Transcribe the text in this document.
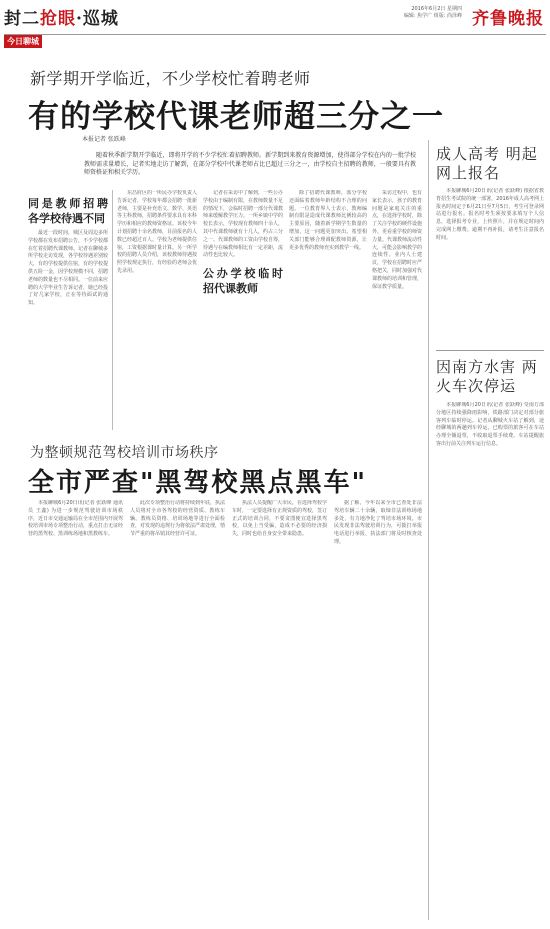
封二抢眼·巡城
今日聊城
2016年6月2日 星期四
编辑: 焦学广 组版: 尚泽峰 齐鲁晚报
新学期开学临近，不少学校忙着聘老师
有的学校代课老师超三分之一
本报记者 张跃峰
随着秋季新学期开学临近，即将开学的不少学校忙着招聘教师。新学期到来教育资源增加，使得部分学校在内的一批学校教师需求量增长，记者实地走访了解到，在部分学校中代课老师占比已超过三分之一，由学校自主招聘的教师，一般要具有教师资格证和相关学历。
同是教师招聘 各学校待遇不同

最近一段时间，城区及周边多所学校都在发布招聘公告，不少学校都在忙着招聘代课教师。记者在聊城多所学校走访发现，各学校待遇差别较大，有的学校提供住宿，有的学校提供五险一金，因学校规模不同，招聘老师的数量也不尽相同。一位前来应聘的大学毕业生告诉记者，她已经投了好几家学校，正在等待面试的通知。

东昌府区的一所民办学校负责人告诉记者，学校每年都会招聘一批新老师，主要是补充语文、数学、英语等主科教师，招聘条件要求具有本科学历和相应的教师资格证。该校今年计划招聘十余名教师，目前报名的人数已经超过百人。学校为老师提供住宿，工资根据课时量计算。另一所学校的招聘人员介绍，该校教师待遇按照学校规定执行，有经验的老师会优先录用。

记者在采访中了解到，一些公办学校由于编制有限，在教师数量不足的情况下，会临时招聘一部分代课教师来缓解教学压力。一所乡镇中学的校长表示，学校现有教师四十余人，其中代课教师就有十几人，约占三分之一。代课教师的工资由学校自筹，待遇与在编教师相比有一定差距，流动性也比较大。

公办学校临时 招代课教师

除了招聘代课教师，部分学校还面临着教师年龄结构不合理的问题。一位教育界人士表示，教师编制有限是造成代课教师比例较高的主要原因，随着新学期学生数量的增加，这一问题更加突出。希望相关部门能够合理调配教师资源，让更多优秀的教师充实到教学一线。

采访过程中，也有家长表示，孩子的教育问题是家庭关注的重点，在选择学校时，除了关注学校的硬件设施外，更看重学校的师资力量。代课教师流动性大，可能会影响教学的连续性。业内人士建议，学校在招聘时应严格把关，同时加强对代课教师的培训和管理，保证教学质量。

成人高考 明起网上报名

本报聊城6月20日讯(记者 张跃峰) 根据省教育招生考试院的统一部署，2016年成人高考网上报名时间定于6月21日至7月5日，考生可登录网站进行报名。报名时考生须按要求填写个人信息，选择报考专业，上传照片，并在规定时间内完成网上缴费。逾期不再补报，请考生注意报名时间。

因南方水害 两火车次停运

本报聊城6月20日讯(记者 张跃峰) 受南方部分地区持续强降雨影响，铁路部门决定对部分旅客列车临时停运。记者从聊城火车站了解到，途经聊城的两趟列车停运，已购票的旅客可在车站办理全额退票，不收取退票手续费。车站提醒旅客出行前关注列车运行信息。

为整顿规范驾校培训市场秩序
全市严查"黑驾校黑点黑车"

本报聊城6月20日讯(记者 张跃峰 通讯员 王鑫) 为进一步规范驾驶培训市场秩序，近日市交通运输局在全市范围内开展驾校培训市场专项整治行动，重点打击无证经营的黑驾校、黑训练场地和黑教练车。

此次专项整治行动将持续到年底，执法人员将对全市各驾校的经营资质、教练车辆、教练员资格、培训场地等进行全面检查，对发现的违规行为将依法严肃处理，情节严重的将吊销其经营许可证。

执法人员提醒广大市民，在选择驾校学车时，一定要选择有正规资质的驾校，签订正式的培训合同，不要贪图便宜选择黑驾校，以免上当受骗，造成不必要的经济损失，同时也给自身安全带来隐患。

据了解，今年以来全市已查处非法驾培车辆二十余辆，取缔非法训练场地多处，有力地净化了驾培市场环境。市民发现非法驾驶培训行为，可拨打举报电话进行举报，执法部门将及时核查处理。
